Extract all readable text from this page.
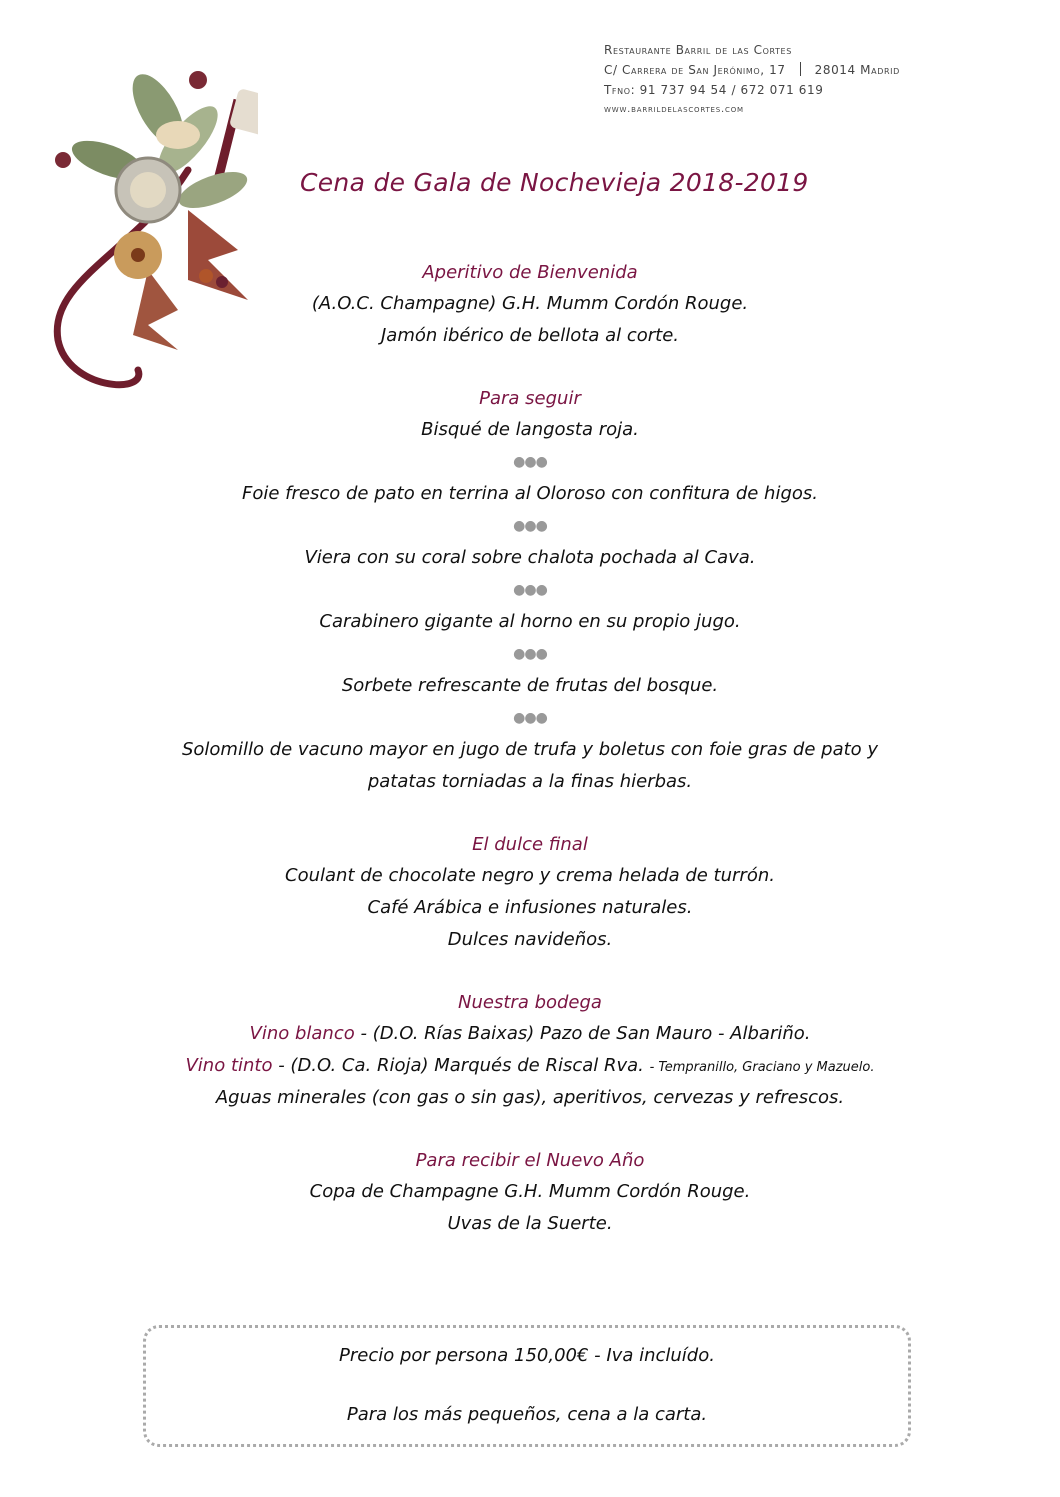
Restaurante Barril de las Cortes
C/ Carrera de San Jerónimo, 17 28014 Madrid
Tfno: 91 737 94 54 / 672 071 619
www.barrildelascortes.com
Cena de Gala de Nochevieja 2018-2019
Aperitivo de Bienvenida
(A.O.C. Champagne) G.H. Mumm Cordón Rouge.
Jamón ibérico de bellota al corte.
Para seguir
Bisqué de langosta roja.
●●●
Foie fresco de pato en terrina al Oloroso con confitura de higos.
●●●
Viera con su coral sobre chalota pochada al Cava.
●●●
Carabinero gigante al horno en su propio jugo.
●●●
Sorbete refrescante de frutas del bosque.
●●●
Solomillo de vacuno mayor en jugo de trufa y boletus con foie gras de pato y
patatas torniadas a la finas hierbas.
El dulce final
Coulant de chocolate negro y crema helada de turrón.
Café Arábica e infusiones naturales.
Dulces navideños.
Nuestra bodega
Vino blanco - (D.O. Rías Baixas) Pazo de San Mauro - Albariño.
Vino tinto - (D.O. Ca. Rioja) Marqués de Riscal Rva. - Tempranillo, Graciano y Mazuelo.
Aguas minerales (con gas o sin gas), aperitivos, cervezas y refrescos.
Para recibir el Nuevo Año
Copa de Champagne G.H. Mumm Cordón Rouge.
Uvas de la Suerte.
Precio por persona 150,00€ - Iva incluído.
Para los más pequeños, cena a la carta.
